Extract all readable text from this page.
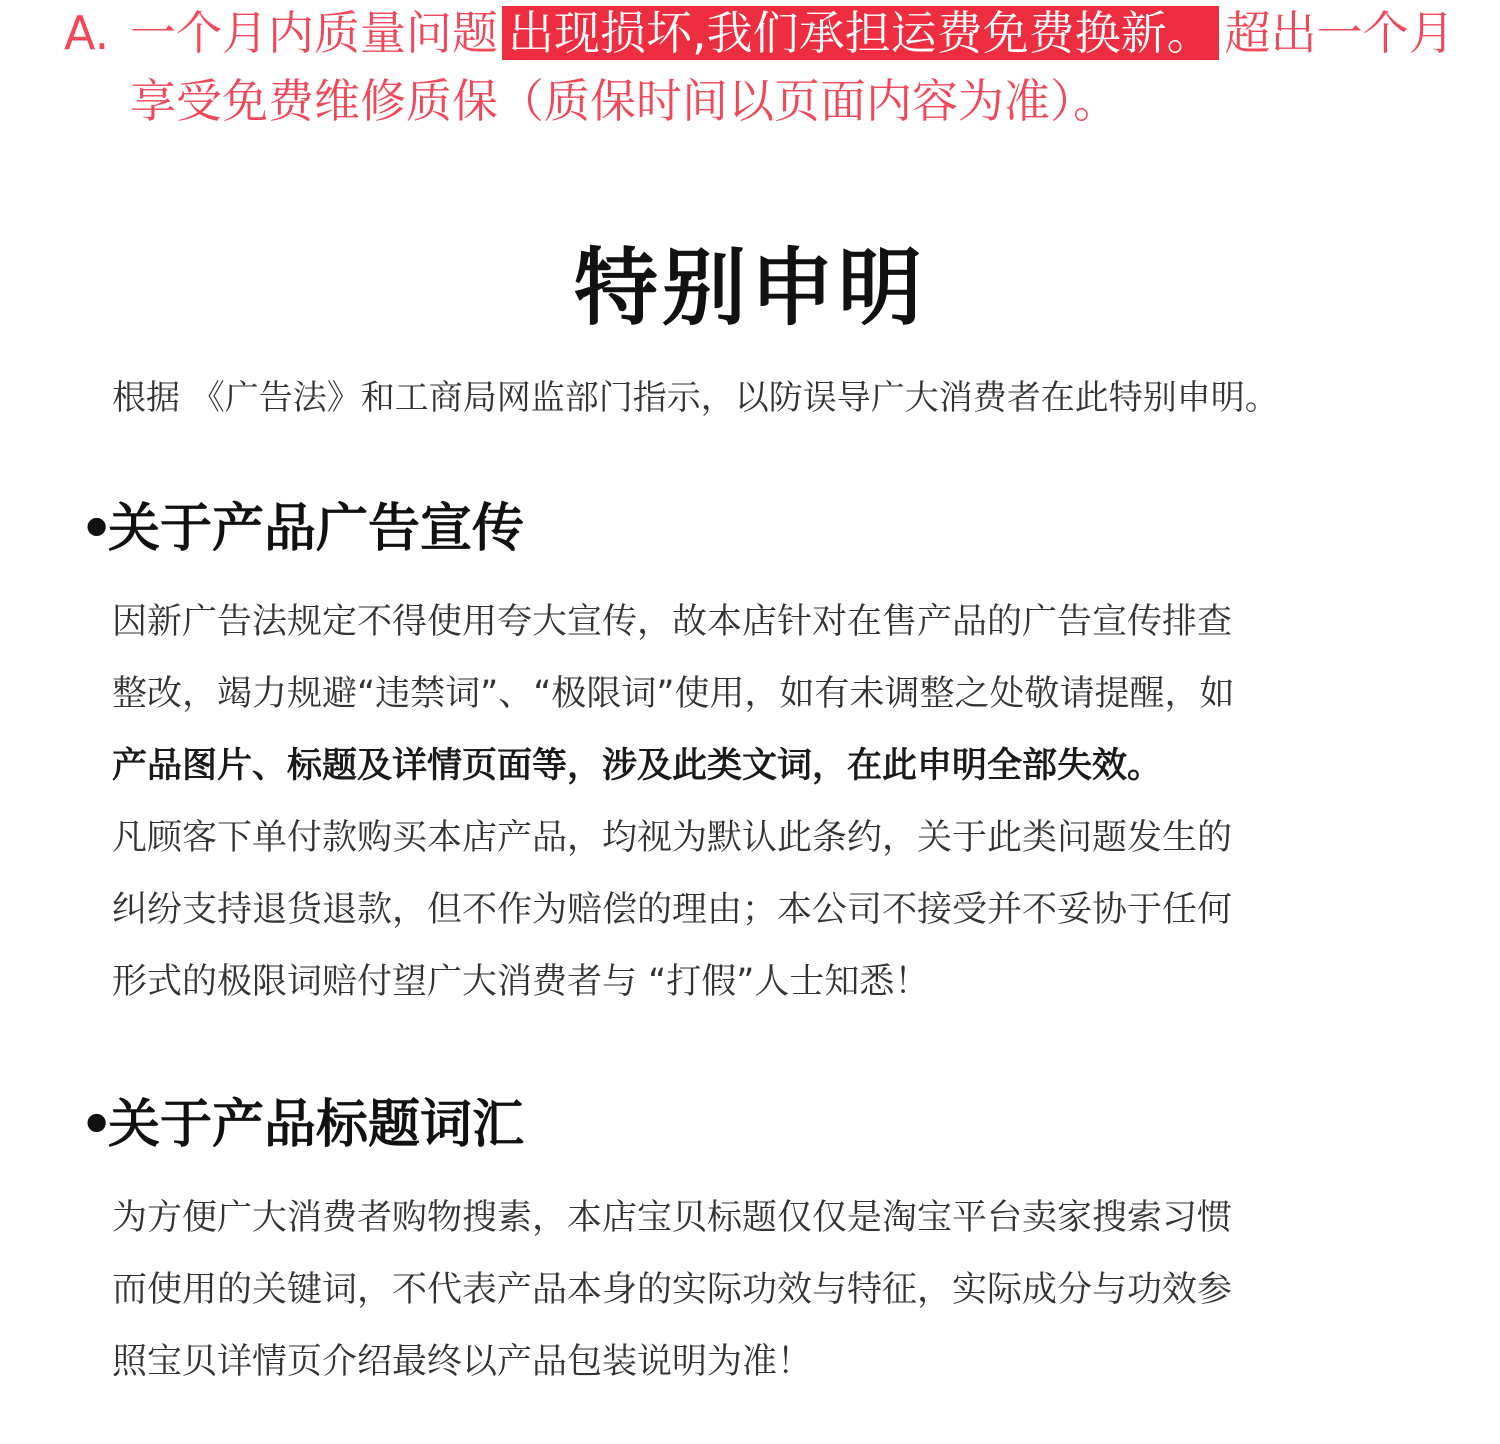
A. 一个月内质量问题 出现损坏,我们承担运费免费换新。 超出一个月
享受免费维修质保（质保时间以页面内容为准）。
特别申明
根据 《广告法》和工商局网监部门指示，以防误导广大消费者在此特别申明。
•关于产品广告宣传
因新广告法规定不得使用夸大宣传，故本店针对在售产品的广告宣传排查
整改，竭力规避“违禁词”、“极限词”使用，如有未调整之处敬请提醒，如
产品图片、标题及详情页面等，涉及此类文词，在此申明全部失效。
凡顾客下单付款购买本店产品，均视为默认此条约，关于此类问题发生的
纠纷支持退货退款，但不作为赔偿的理由；本公司不接受并不妥协于任何
形式的极限词赔付望广大消费者与 “打假”人士知悉！
•关于产品标题词汇
为方便广大消费者购物搜素，本店宝贝标题仅仅是淘宝平台卖家搜索习惯
而使用的关键词，不代表产品本身的实际功效与特征，实际成分与功效参
照宝贝详情页介绍最终以产品包装说明为准！
